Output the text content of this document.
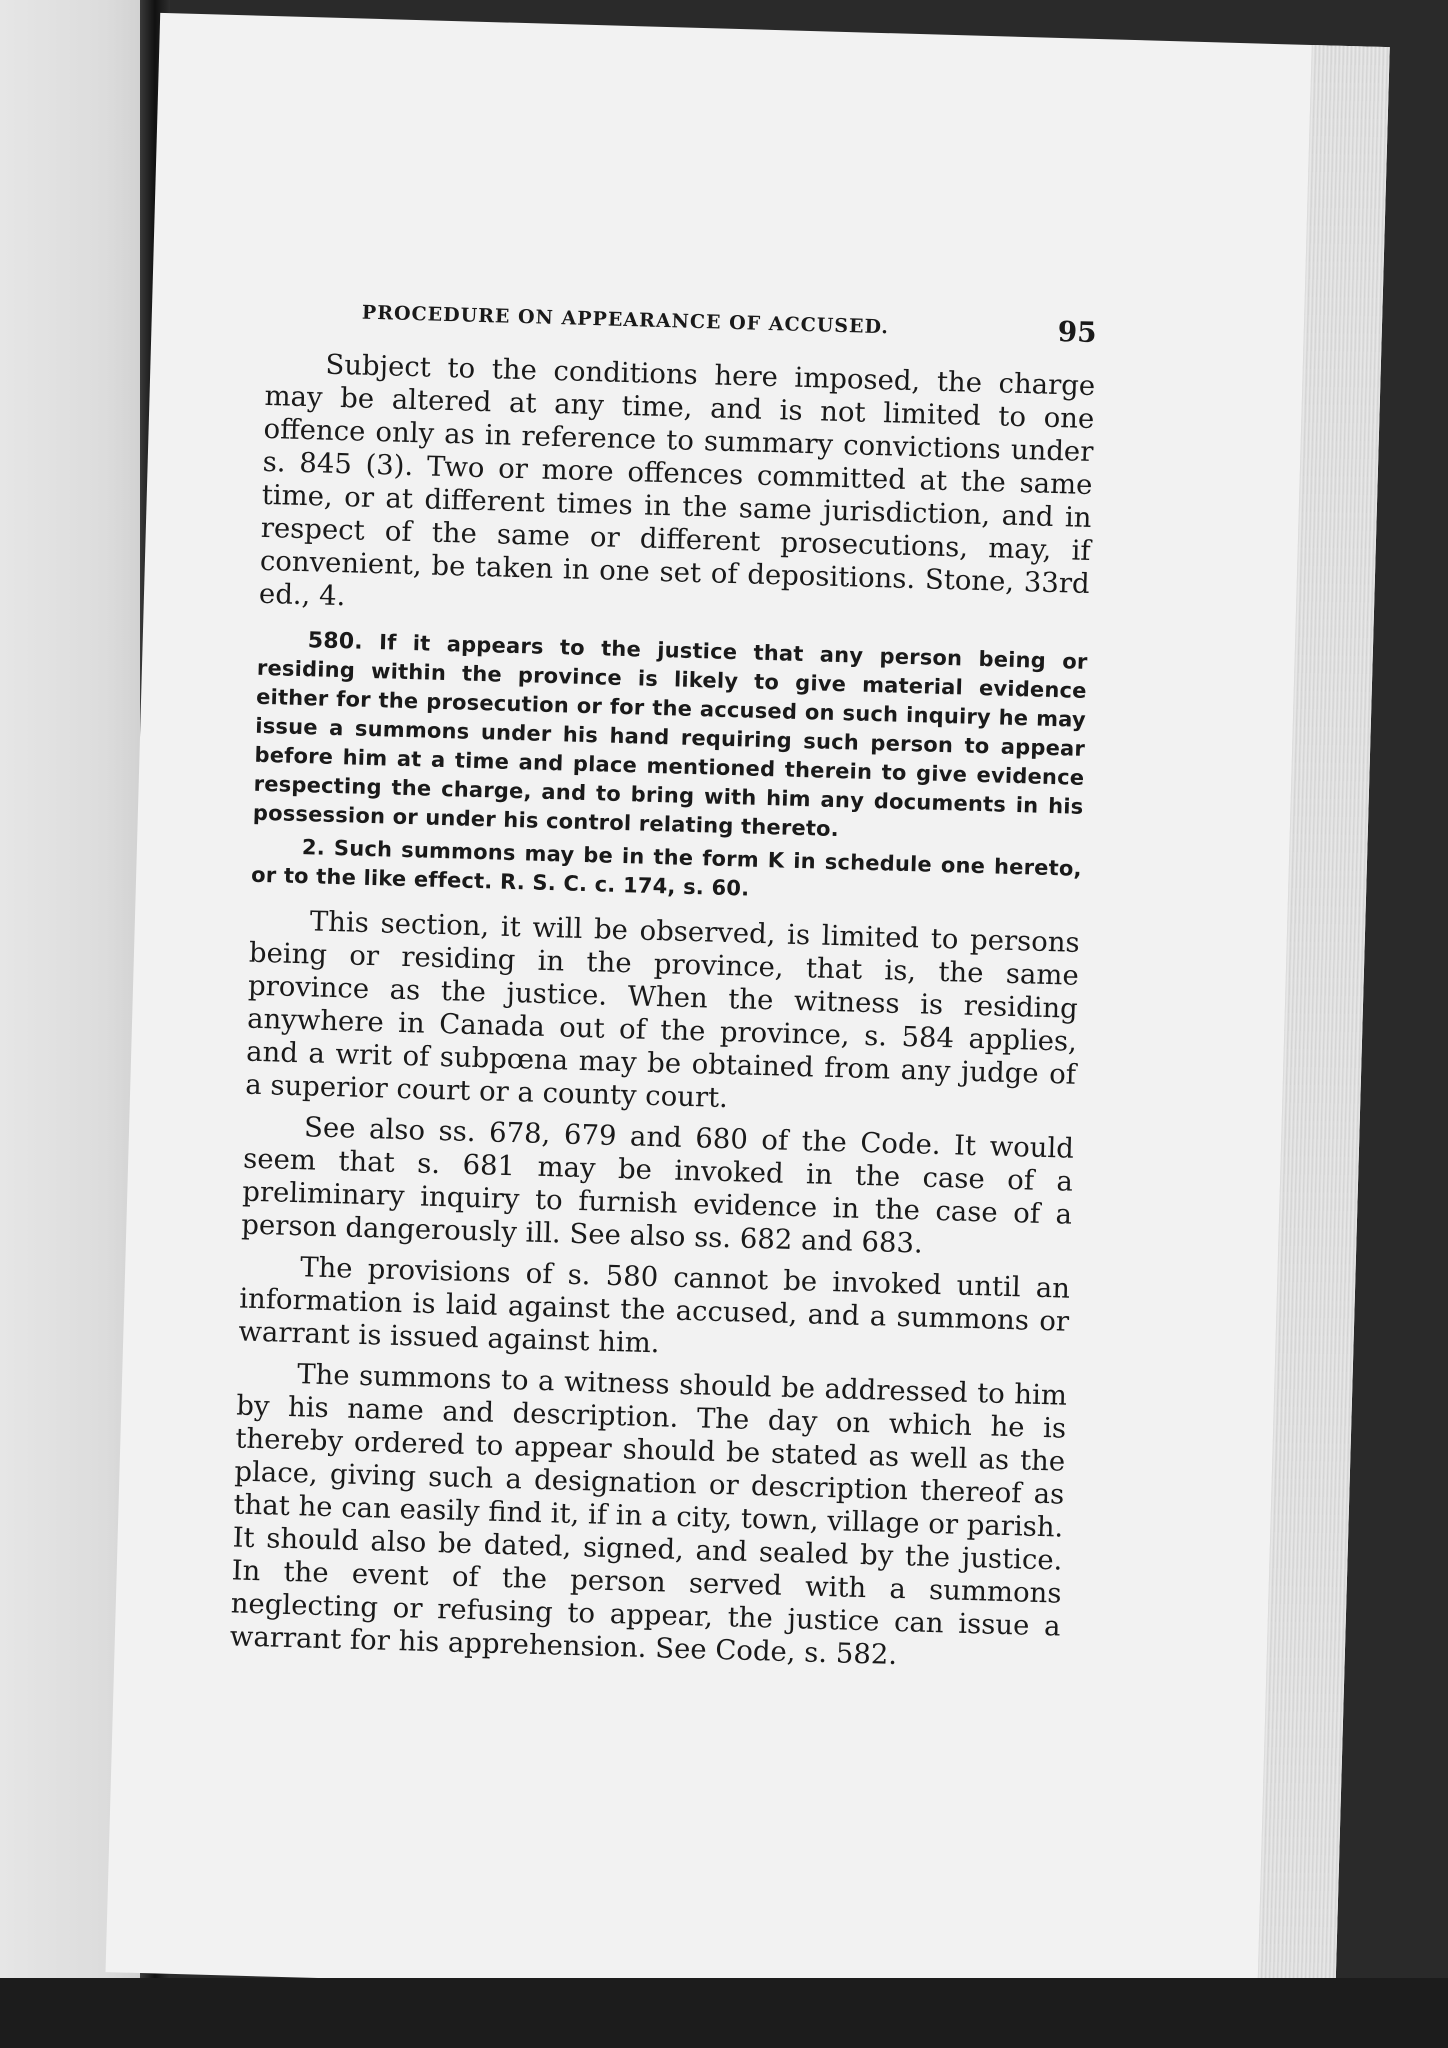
PROCEDURE ON APPEARANCE OF ACCUSED.	95

Subject to the conditions here imposed, the charge may be altered at any time, and is not limited to one offence only as in reference to summary convictions under s. 845 (3). Two or more offences committed at the same time, or at different times in the same jurisdiction, and in respect of the same or different prosecutions, may, if convenient, be taken in one set of depositions. Stone, 33rd ed., 4.

580. If it appears to the justice that any person being or residing within the province is likely to give material evidence either for the prosecution or for the accused on such inquiry he may issue a summons under his hand requiring such person to appear before him at a time and place mentioned therein to give evidence respecting the charge, and to bring with him any documents in his possession or under his control relating thereto.

2. Such summons may be in the form K in schedule one hereto, or to the like effect. R. S. C. c. 174, s. 60.

This section, it will be observed, is limited to persons being or residing in the province, that is, the same province as the justice. When the witness is residing anywhere in Canada out of the province, s. 584 applies, and a writ of subpœna may be obtained from any judge of a superior court or a county court.

See also ss. 678, 679 and 680 of the Code. It would seem that s. 681 may be invoked in the case of a preliminary inquiry to furnish evidence in the case of a person dangerously ill. See also ss. 682 and 683.

The provisions of s. 580 cannot be invoked until an information is laid against the accused, and a summons or warrant is issued against him.

The summons to a witness should be addressed to him by his name and description. The day on which he is thereby ordered to appear should be stated as well as the place, giving such a designation or description thereof as that he can easily find it, if in a city, town, village or parish. It should also be dated, signed, and sealed by the justice. In the event of the person served with a summons neglecting or refusing to appear, the justice can issue a warrant for his apprehension. See Code, s. 582.
